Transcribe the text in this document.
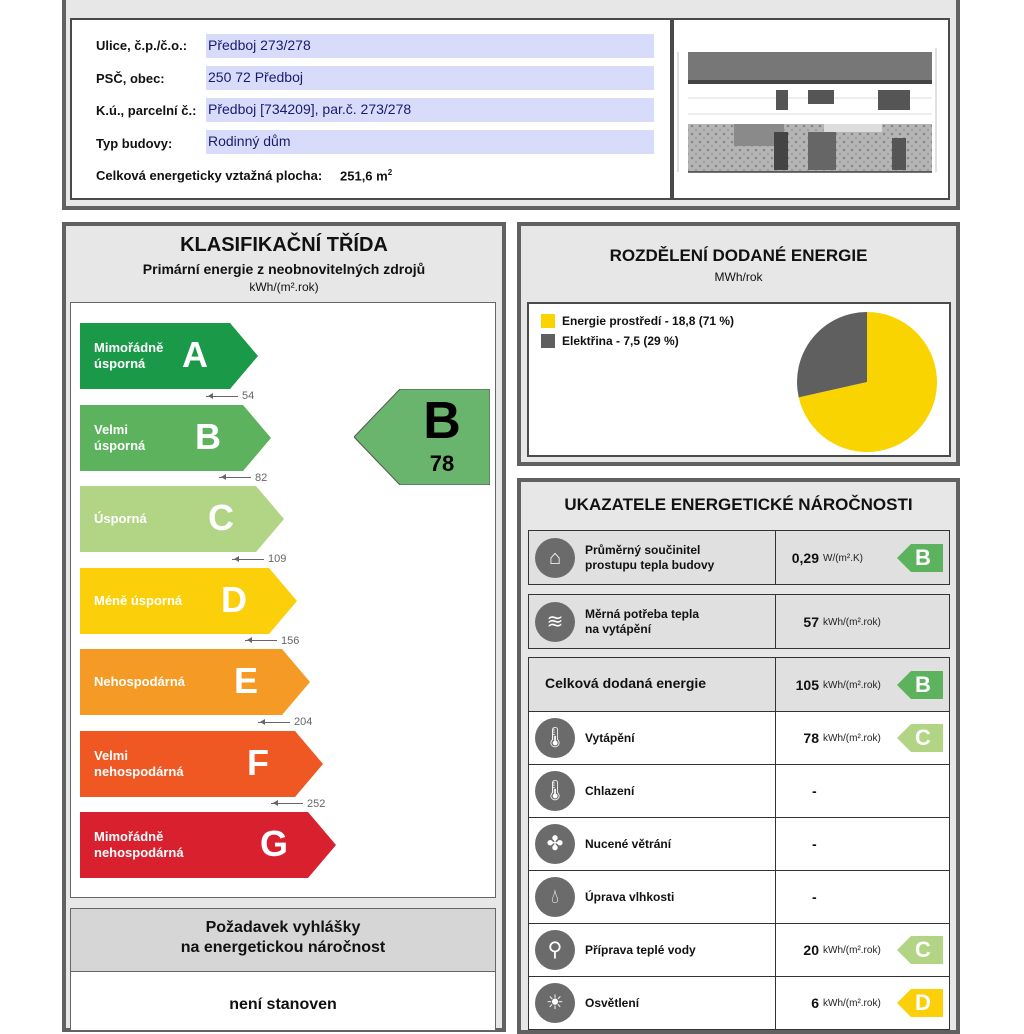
Ulice, č.p./č.o.: Předboj 273/278
PSČ, obec:	250 72 Předboj
K.ú., parcelní č.: Předboj [734209], par.č. 273/278
Typ budovy:	Rodinný dům
Celková energeticky vztažná plocha: 251,6 $m^2$
KLASIFIKAČNÍ TŘÍDA
Primární energie z neobnovitelných zdrojů
kWh/(m².rok)
Mimořádně
úsporná	A
54
Velmi
úsporná B
82
Úsporná C
109
Méně úsporná D
156
Nehospodárná E
204
Velmi
nehospodárná F
252
Mimořádně
nehospodárná G
B
78
Požadavek vyhlášky
na energetickou náročnost
není stanoven
ROZDĚLENÍ DODANÉ ENERGIE
MWh/rok
Energie prostředí - 18,8 (71 %)
Elektřina - 7,5 (29 %)
UKAZATELE ENERGETICKÉ NÁROČNOSTI
⌂	Průměrný součinitel
prostupu tepla budovy	0,29 W/(m².K) B
≋	Měrná potřeba tepla
na vytápění	57 kWh/(m².rok)
Celková dodaná energie	105 kWh/(m².rok) B
🌡︎	Vytápění	78 kWh/(m².rok) C
🌡︎	Chlazení	-
✤	Nucené větrání	-
💧︎	Úprava vlhkosti	-
⚲	Příprava teplé vody	20 kWh/(m².rok) C
☀	Osvětlení	6 kWh/(m².rok) D
